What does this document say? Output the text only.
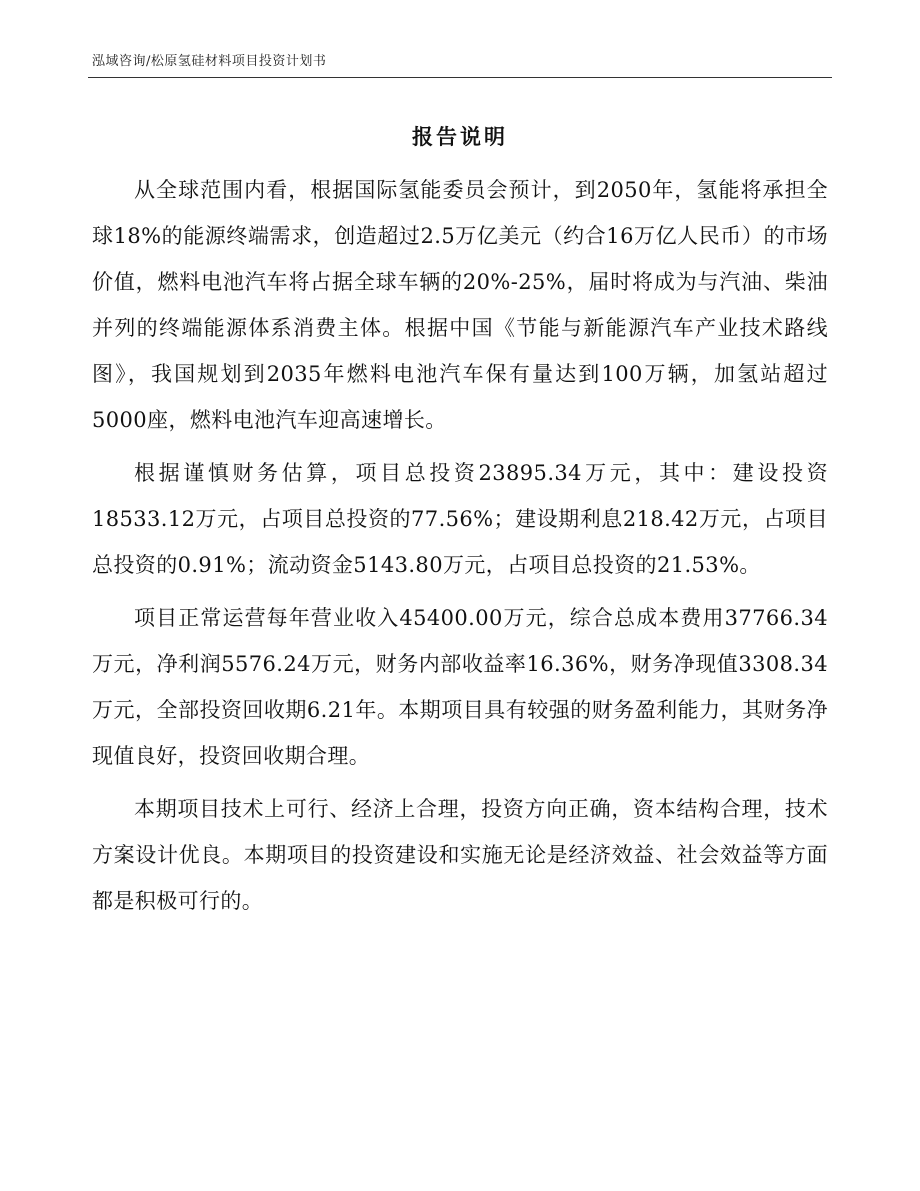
泓域咨询/松原氢硅材料项目投资计划书
报告说明

从全球范围内看，根据国际氢能委员会预计，到2050年，氢能将承担全球18%的能源终端需求，创造超过2.5万亿美元（约合16万亿人民币）的市场价值，燃料电池汽车将占据全球车辆的20%-25%，届时将成为与汽油、柴油并列的终端能源体系消费主体。根据中国《节能与新能源汽车产业技术路线图》，我国规划到2035年燃料电池汽车保有量达到100万辆，加氢站超过5000座，燃料电池汽车迎高速增长。

根据谨慎财务估算，项目总投资23895.34万元，其中：建设投资18533.12万元，占项目总投资的77.56%；建设期利息218.42万元，占项目总投资的0.91%；流动资金5143.80万元，占项目总投资的21.53%。

项目正常运营每年营业收入45400.00万元，综合总成本费用37766.34万元，净利润5576.24万元，财务内部收益率16.36%，财务净现值3308.34万元，全部投资回收期6.21年。本期项目具有较强的财务盈利能力，其财务净现值良好，投资回收期合理。

本期项目技术上可行、经济上合理，投资方向正确，资本结构合理，技术方案设计优良。本期项目的投资建设和实施无论是经济效益、社会效益等方面都是积极可行的。
